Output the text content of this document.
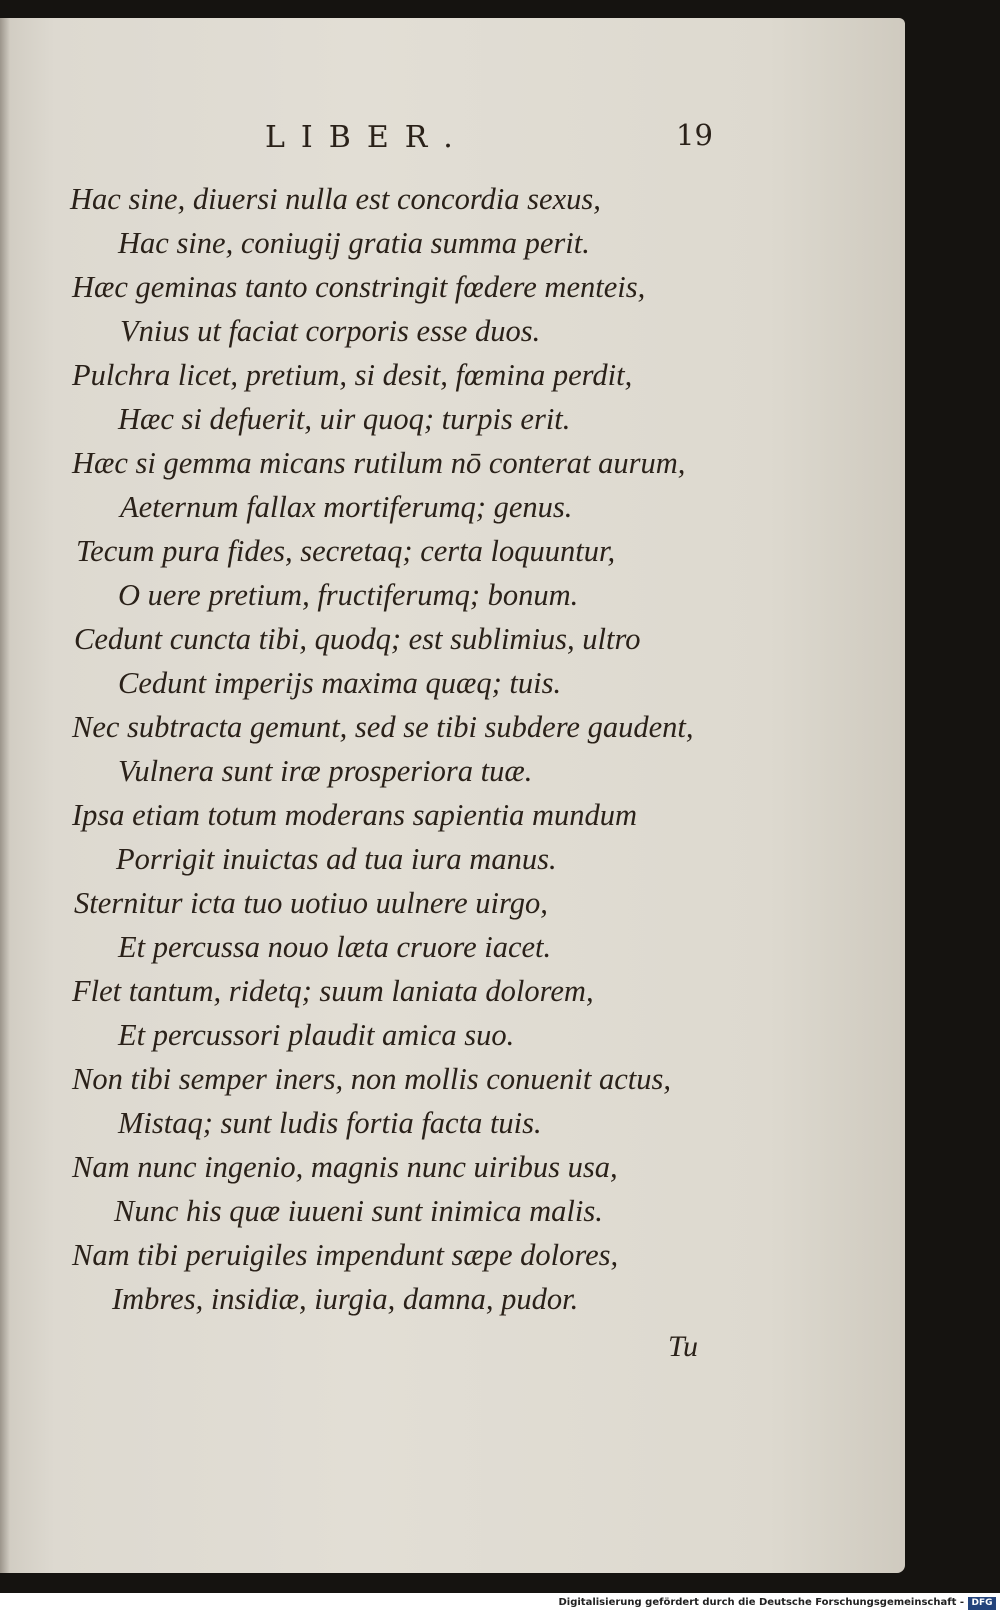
LIBER.	19
Hac sine, diuersi nulla est concordia sexus,
Hac sine, coniugij gratia summa perit.
Hæc geminas tanto constringit fœdere menteis,
Vnius ut faciat corporis esse duos.
Pulchra licet, pretium, si desit, fœmina perdit,
Hæc si defuerit, uir quoq; turpis erit.
Hæc si gemma micans rutilum nō conterat aurum,
Aeternum fallax mortiferumq; genus.
Tecum pura fides, secretaq; certa loquuntur,
O uere pretium, fructiferumq; bonum.
Cedunt cuncta tibi, quodq; est sublimius, ultro
Cedunt imperijs maxima quæq; tuis.
Nec subtracta gemunt, sed se tibi subdere gaudent,
Vulnera sunt iræ prosperiora tuæ.
Ipsa etiam totum moderans sapientia mundum
Porrigit inuictas ad tua iura manus.
Sternitur icta tuo uotiuo uulnere uirgo,
Et percussa nouo læta cruore iacet.
Flet tantum, ridetq; suum laniata dolorem,
Et percussori plaudit amica suo.
Non tibi semper iners, non mollis conuenit actus,
Mistaq; sunt ludis fortia facta tuis.
Nam nunc ingenio, magnis nunc uiribus usa,
Nunc his quæ iuueni sunt inimica malis.
Nam tibi peruigiles impendunt sæpe dolores,
Imbres, insidiæ, iurgia, damna, pudor.
Tu
Digitalisierung gefördert durch die Deutsche Forschungsgemeinschaft - DFG
